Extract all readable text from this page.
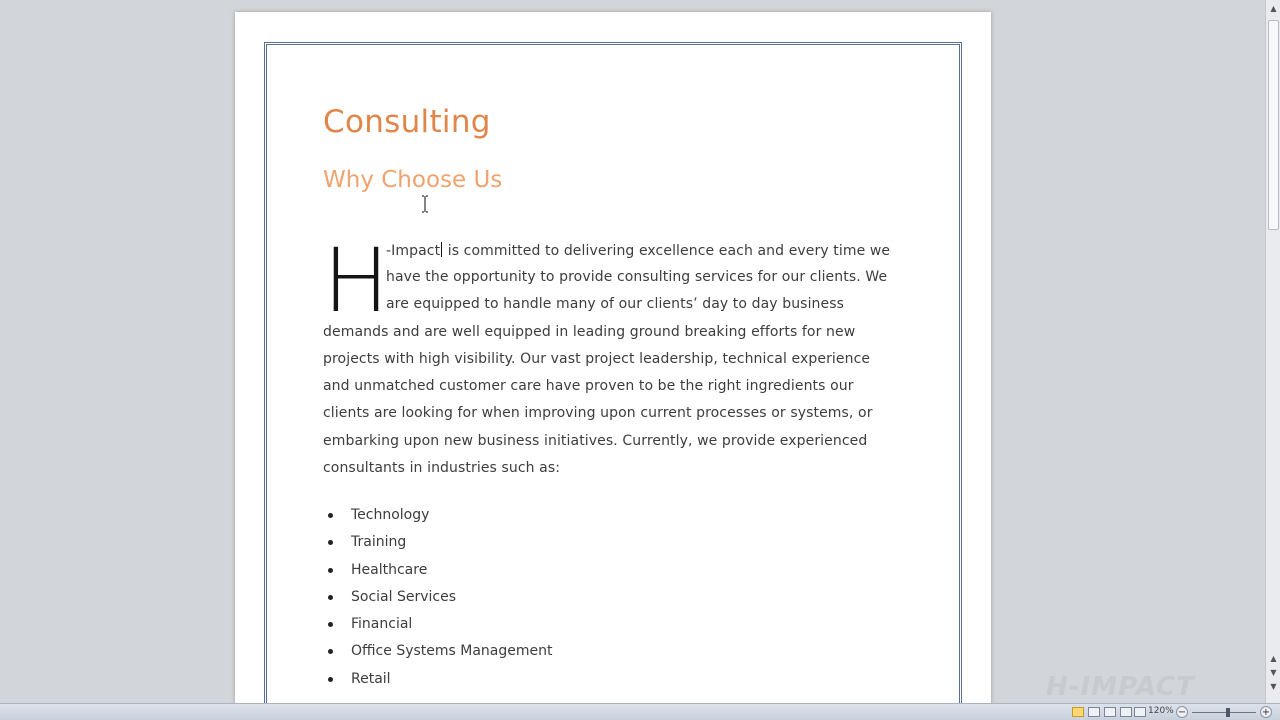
Consulting
Why Choose Us
H
-Impact is committed to delivering excellence each and every time we
have the opportunity to provide consulting services for our clients. We
are equipped to handle many of our clients’ day to day business
demands and are well equipped in leading ground breaking efforts for new
projects with high visibility. Our vast project leadership, technical experience
and unmatched customer care have proven to be the right ingredients our
clients are looking for when improving upon current processes or systems, or
embarking upon new business initiatives. Currently, we provide experienced
consultants in industries such as:
Technology
Training
Healthcare
Social Services
Financial
Office Systems Management
Retail
▲
▲
▼
▼
H-IMPACT
120% −	+
